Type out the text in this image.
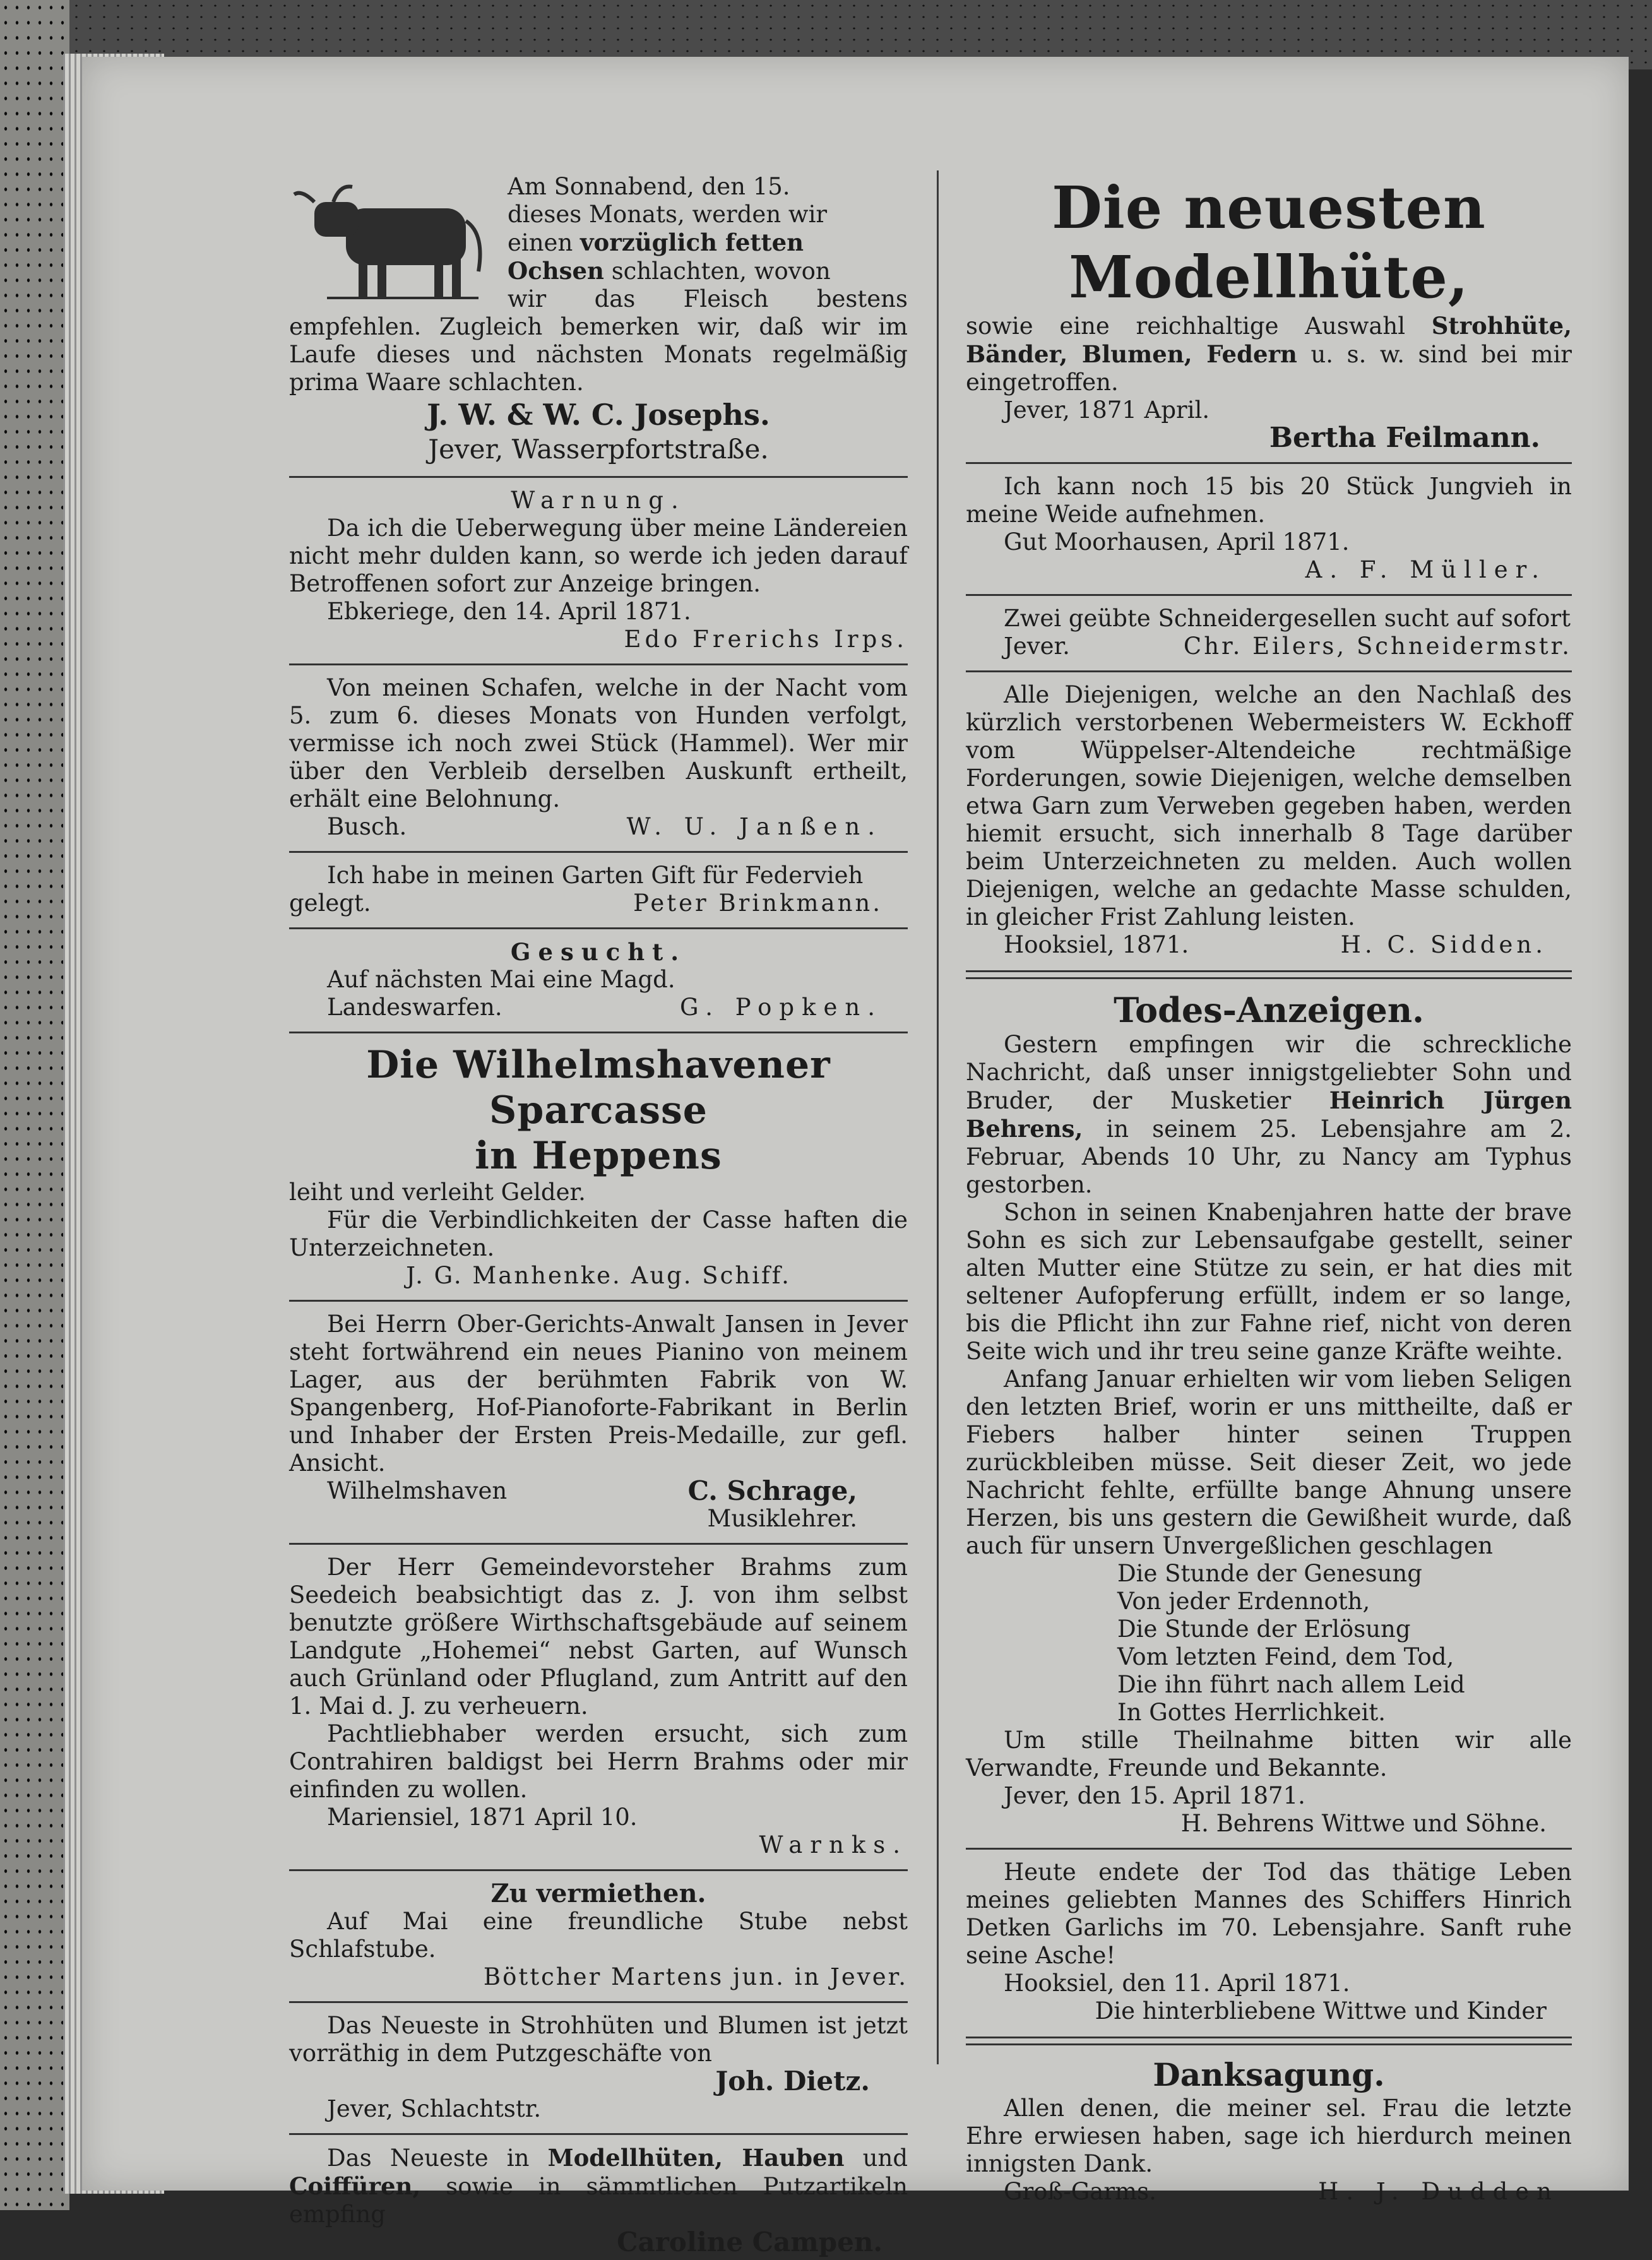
Am Sonnabend, den 15.

dieses Monats, werden wir

einen vorzüglich fetten

Ochsen schlachten, wovon

wir das Fleisch bestens empfehlen. Zugleich bemerken wir, daß wir im Laufe dieses und nächsten Monats regelmäßig prima Waare schlachten.

J. W. & W. C. Josephs.

Jever, Wasserpfortstraße.

Warnung.

Da ich die Ueberwegung über meine Ländereien nicht mehr dulden kann, so werde ich jeden darauf Betroffenen sofort zur Anzeige bringen.

Ebkeriege, den 14. April 1871.

Edo Frerichs Irps.

Von meinen Schafen, welche in der Nacht vom 5. zum 6. dieses Monats von Hunden verfolgt, vermisse ich noch zwei Stück (Hammel). Wer mir über den Verbleib derselben Auskunft ertheilt, erhält eine Belohnung.

Busch.	W. U. Janßen.

Ich habe in meinen Garten Gift für Federvieh

gelegt.	Peter Brinkmann.

Gesucht.

Auf nächsten Mai eine Magd.

Landeswarfen.	G. Popken.

Die Wilhelmshavener Sparcasse
in Heppens

leiht und verleiht Gelder.

Für die Verbindlichkeiten der Casse haften die Unterzeichneten.

J. G. Manhenke. Aug. Schiff.

Bei Herrn Ober-Gerichts-Anwalt Jansen in Jever steht fortwährend ein neues Pianino von meinem Lager, aus der berühmten Fabrik von W. Spangenberg, Hof-Pianoforte-Fabrikant in Berlin und Inhaber der Ersten Preis-Medaille, zur gefl. Ansicht.

Wilhelmshaven	C. Schrage,

Musiklehrer.

Der Herr Gemeindevorsteher Brahms zum Seedeich beabsichtigt das z. J. von ihm selbst benutzte größere Wirthschaftsgebäude auf seinem Landgute „Hohemei“ nebst Garten, auf Wunsch auch Grünland oder Pflugland, zum Antritt auf den 1. Mai d. J. zu verheuern.

Pachtliebhaber werden ersucht, sich zum Contrahiren baldigst bei Herrn Brahms oder mir einfinden zu wollen.

Mariensiel, 1871 April 10.

Warnks.

Zu vermiethen.

Auf Mai eine freundliche Stube nebst Schlafstube.

Böttcher Martens jun. in Jever.

Das Neueste in Strohhüten und Blumen ist jetzt vorräthig in dem Putzgeschäfte von

Joh. Dietz.

Jever, Schlachtstr.

Das Neueste in Modellhüten, Hauben und Coiffüren, sowie in sämmtlichen Putzartikeln empfing

Caroline Campen.

Die neuesten Modellhüte,

sowie eine reichhaltige Auswahl Strohhüte, Bänder, Blumen, Federn u. s. w. sind bei mir eingetroffen.

Jever, 1871 April.

Bertha Feilmann.

Ich kann noch 15 bis 20 Stück Jungvieh in meine Weide aufnehmen.

Gut Moorhausen, April 1871.

A. F. Müller.

Zwei geübte Schneidergesellen sucht auf sofort

Jever.	Chr. Eilers, Schneidermstr.

Alle Diejenigen, welche an den Nachlaß des kürzlich verstorbenen Webermeisters W. Eckhoff vom Wüppelser-Altendeiche rechtmäßige Forderungen, sowie Diejenigen, welche demselben etwa Garn zum Verweben gegeben haben, werden hiemit ersucht, sich innerhalb 8 Tage darüber beim Unterzeichneten zu melden. Auch wollen Diejenigen, welche an gedachte Masse schulden, in gleicher Frist Zahlung leisten.

Hooksiel, 1871.	H. C. Sidden.

Todes-Anzeigen.

Gestern empfingen wir die schreckliche Nachricht, daß unser innigstgeliebter Sohn und Bruder, der Musketier Heinrich Jürgen Behrens, in seinem 25. Lebensjahre am 2. Februar, Abends 10 Uhr, zu Nancy am Typhus gestorben.

Schon in seinen Knabenjahren hatte der brave Sohn es sich zur Lebensaufgabe gestellt, seiner alten Mutter eine Stütze zu sein, er hat dies mit seltener Aufopferung erfüllt, indem er so lange, bis die Pflicht ihn zur Fahne rief, nicht von deren Seite wich und ihr treu seine ganze Kräfte weihte.

Anfang Januar erhielten wir vom lieben Seligen den letzten Brief, worin er uns mittheilte, daß er Fiebers halber hinter seinen Truppen zurückbleiben müsse. Seit dieser Zeit, wo jede Nachricht fehlte, erfüllte bange Ahnung unsere Herzen, bis uns gestern die Gewißheit wurde, daß auch für unsern Unvergeßlichen geschlagen

Die Stunde der Genesung

Von jeder Erdennoth,

Die Stunde der Erlösung

Vom letzten Feind, dem Tod,

Die ihn führt nach allem Leid

In Gottes Herrlichkeit.

Um stille Theilnahme bitten wir alle Verwandte, Freunde und Bekannte.

Jever, den 15. April 1871.

H. Behrens Wittwe und Söhne.

Heute endete der Tod das thätige Leben meines geliebten Mannes des Schiffers Hinrich Detken Garlichs im 70. Lebensjahre. Sanft ruhe seine Asche!

Hooksiel, den 11. April 1871.

Die hinterbliebene Wittwe und Kinder

Danksagung.

Allen denen, die meiner sel. Frau die letzte Ehre erwiesen haben, sage ich hierdurch meinen innigsten Dank.

Groß-Garms.	H. J. Dudden
